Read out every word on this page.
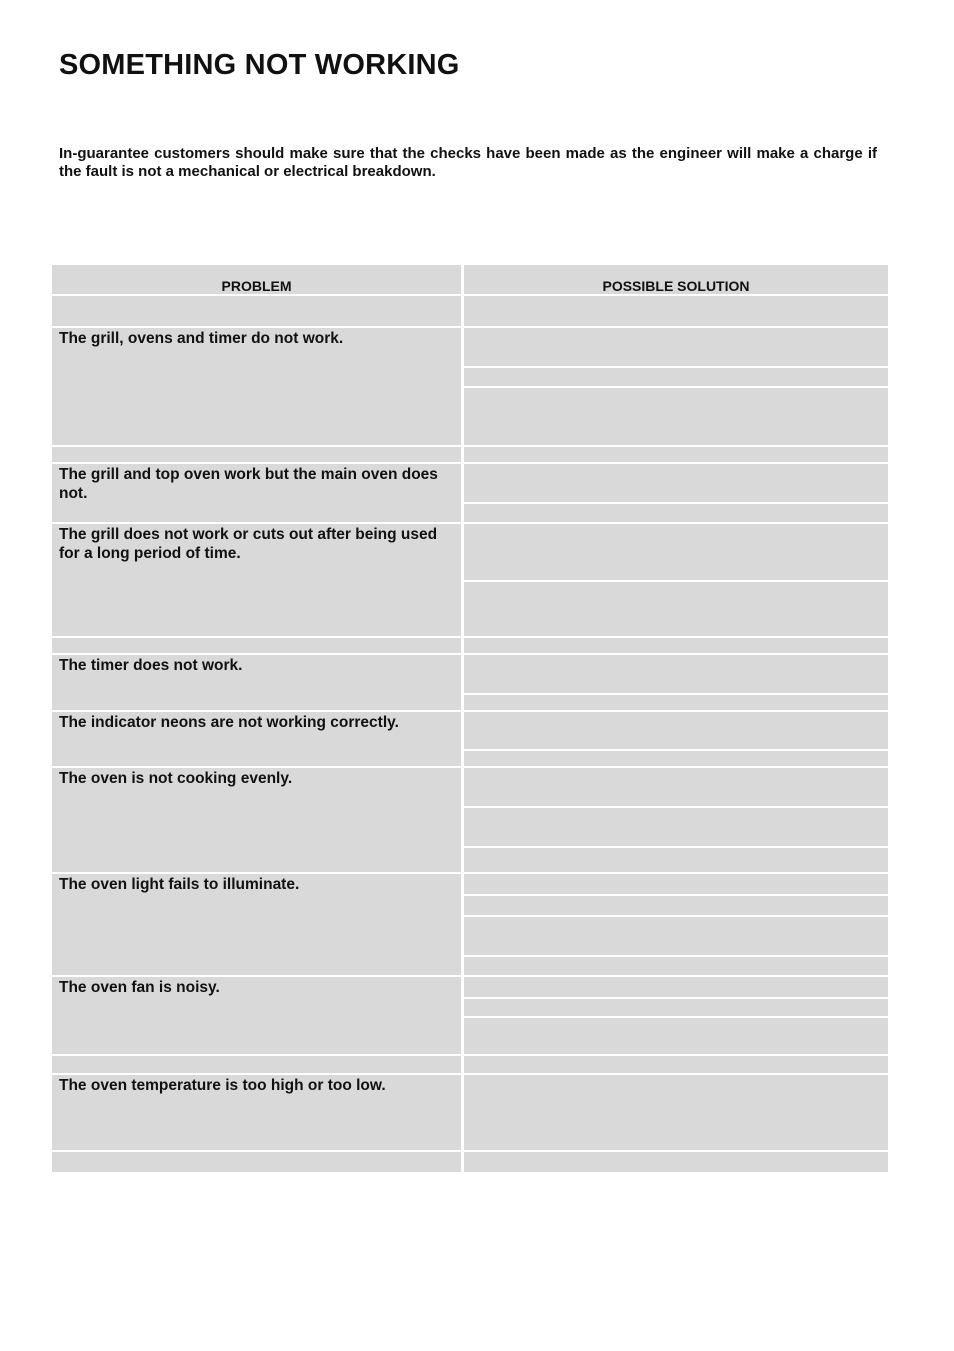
SOMETHING NOT WORKING

In-guarantee customers should make sure that the checks have been made as the engineer will make a charge if the fault is not a mechanical or electrical breakdown.

PROBLEM	POSSIBLE SOLUTION
The grill, ovens and timer do not work.
The grill and top oven work but the main oven does not.
The grill does not work or cuts out after being used for a long period of time.
The timer does not work.
The indicator neons are not working correctly.
The oven is not cooking evenly.
The oven light fails to illuminate.
The oven fan is noisy.
The oven temperature is too high or too low.
